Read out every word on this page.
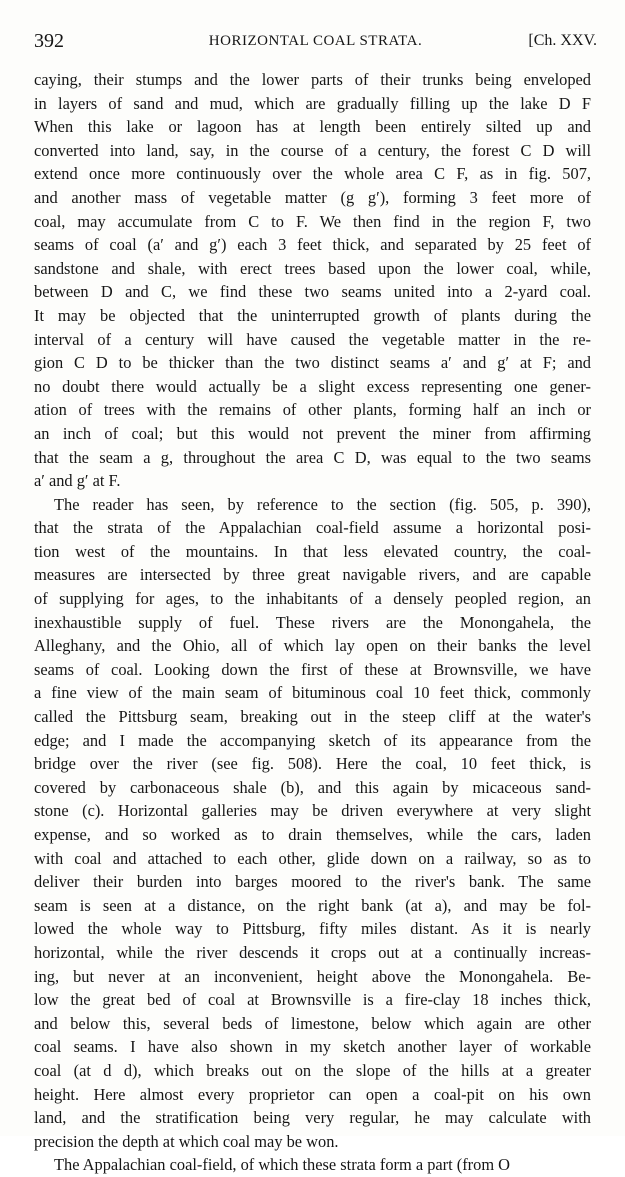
392	HORIZONTAL COAL STRATA.	[Ch. XXV.

caying, their stumps and the lower parts of their trunks being enveloped
in layers of sand and mud, which are gradually filling up the lake D F
When this lake or lagoon has at length been entirely silted up and
converted into land, say, in the course of a century, the forest C D will
extend once more continuously over the whole area C F, as in fig. 507,
and another mass of vegetable matter (g g′), forming 3 feet more of
coal, may accumulate from C to F. We then find in the region F, two
seams of coal (a′ and g′) each 3 feet thick, and separated by 25 feet of
sandstone and shale, with erect trees based upon the lower coal, while,
between D and C, we find these two seams united into a 2-yard coal.
It may be objected that the uninterrupted growth of plants during the
interval of a century will have caused the vegetable matter in the re-
gion C D to be thicker than the two distinct seams a′ and g′ at F; and
no doubt there would actually be a slight excess representing one gener-
ation of trees with the remains of other plants, forming half an inch or
an inch of coal; but this would not prevent the miner from affirming
that the seam a g, throughout the area C D, was equal to the two seams
a′ and g′ at F.

The reader has seen, by reference to the section (fig. 505, p. 390),
that the strata of the Appalachian coal-field assume a horizontal posi-
tion west of the mountains. In that less elevated country, the coal-
measures are intersected by three great navigable rivers, and are capable
of supplying for ages, to the inhabitants of a densely peopled region, an
inexhaustible supply of fuel. These rivers are the Monongahela, the
Alleghany, and the Ohio, all of which lay open on their banks the level
seams of coal. Looking down the first of these at Brownsville, we have
a fine view of the main seam of bituminous coal 10 feet thick, commonly
called the Pittsburg seam, breaking out in the steep cliff at the water's
edge; and I made the accompanying sketch of its appearance from the
bridge over the river (see fig. 508). Here the coal, 10 feet thick, is
covered by carbonaceous shale (b), and this again by micaceous sand-
stone (c). Horizontal galleries may be driven everywhere at very slight
expense, and so worked as to drain themselves, while the cars, laden
with coal and attached to each other, glide down on a railway, so as to
deliver their burden into barges moored to the river's bank. The same
seam is seen at a distance, on the right bank (at a), and may be fol-
lowed the whole way to Pittsburg, fifty miles distant. As it is nearly
horizontal, while the river descends it crops out at a continually increas-
ing, but never at an inconvenient, height above the Monongahela. Be-
low the great bed of coal at Brownsville is a fire-clay 18 inches thick,
and below this, several beds of limestone, below which again are other
coal seams. I have also shown in my sketch another layer of workable
coal (at d d), which breaks out on the slope of the hills at a greater
height. Here almost every proprietor can open a coal-pit on his own
land, and the stratification being very regular, he may calculate with
precision the depth at which coal may be won.

The Appalachian coal-field, of which these strata form a part (from O
